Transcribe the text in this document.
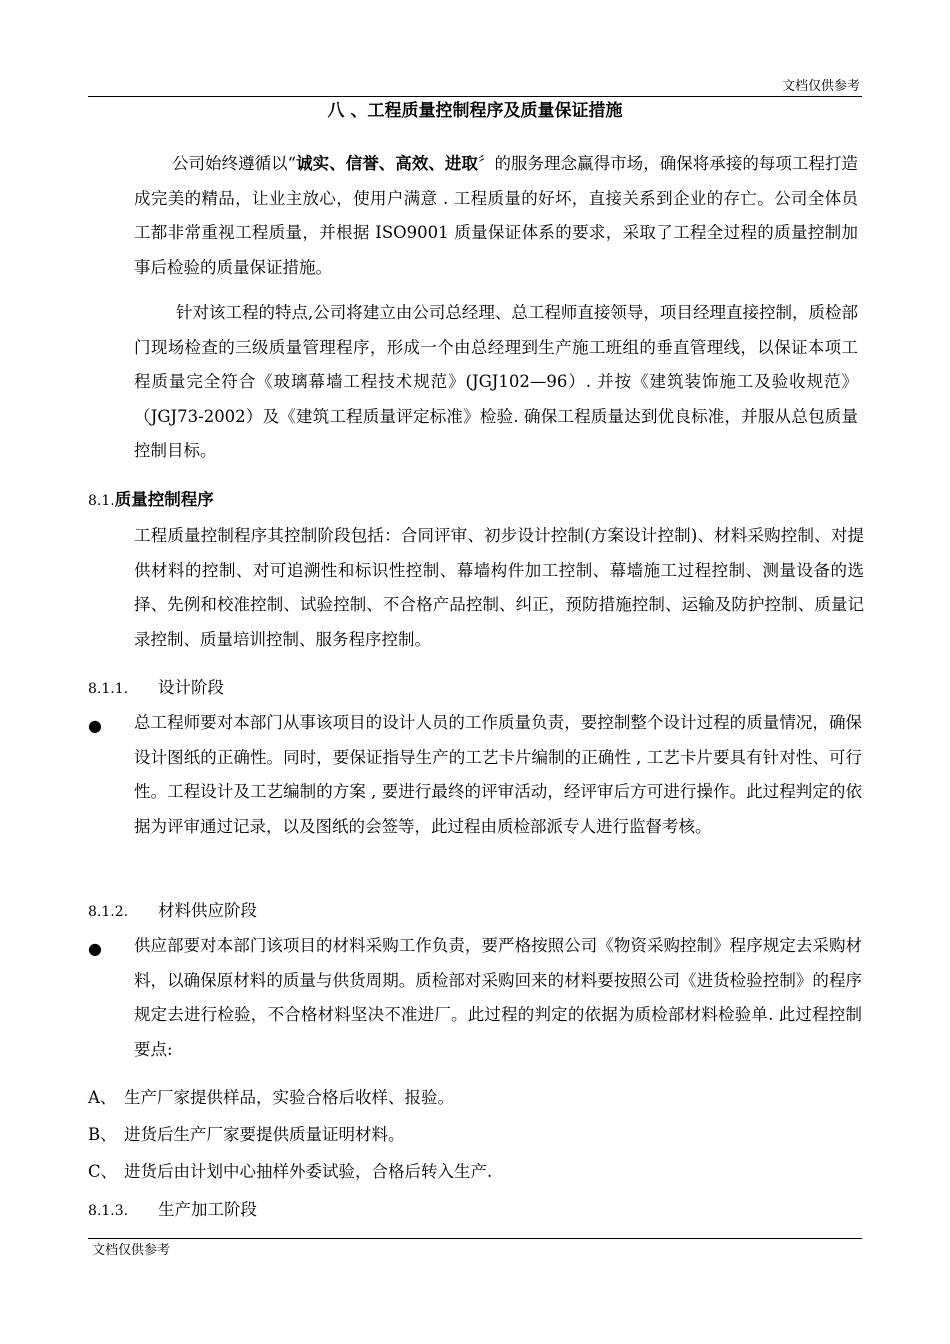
文档仅供参考
八 、工程质量控制程序及质量保证措施
公司始终遵循以“诚实、信誉、高效、进取〞的服务理念赢得市场，确保将承接的每项工程打造成完美的精品，让业主放心，使用户满意 . 工程质量的好坏，直接关系到企业的存亡。公司全体员工都非常重视工程质量，并根据 ISO9001 质量保证体系的要求，采取了工程全过程的质量控制加事后检验的质量保证措施。
针对该工程的特点,公司将建立由公司总经理、总工程师直接领导，项目经理直接控制，质检部门现场检查的三级质量管理程序，形成一个由总经理到生产施工班组的垂直管理线，以保证本项工程质量完全符合《玻璃幕墙工程技术规范》(JGJ102—96）. 并按《建筑装饰施工及验收规范》（JGJ73-2002）及《建筑工程质量评定标准》检验. 确保工程质量达到优良标准，并服从总包质量控制目标。
8.1.质量控制程序
工程质量控制程序其控制阶段包括：合同评审、初步设计控制(方案设计控制)、材料采购控制、对提供材料的控制、对可追溯性和标识性控制、幕墙构件加工控制、幕墙施工过程控制、测量设备的选择、先例和校准控制、试验控制、不合格产品控制、纠正，预防措施控制、运输及防护控制、质量记录控制、质量培训控制、服务程序控制。
8.1.1. 设计阶段
● 总工程师要对本部门从事该项目的设计人员的工作质量负责，要控制整个设计过程的质量情况，确保设计图纸的正确性。同时，要保证指导生产的工艺卡片编制的正确性 , 工艺卡片要具有针对性、可行性。工程设计及工艺编制的方案 , 要进行最终的评审活动，经评审后方可进行操作。此过程判定的依据为评审通过记录，以及图纸的会签等，此过程由质检部派专人进行监督考核。
8.1.2. 材料供应阶段
● 供应部要对本部门该项目的材料采购工作负责，要严格按照公司《物资采购控制》程序规定去采购材料，以确保原材料的质量与供货周期。质检部对采购回来的材料要按照公司《进货检验控制》的程序规定去进行检验，不合格材料坚决不准进厂。此过程的判定的依据为质检部材料检验单. 此过程控制要点:
A、 生产厂家提供样品，实验合格后收样、报验。
B、 进货后生产厂家要提供质量证明材料。
C、 进货后由计划中心抽样外委试验，合格后转入生产.
8.1.3. 生产加工阶段
文档仅供参考
